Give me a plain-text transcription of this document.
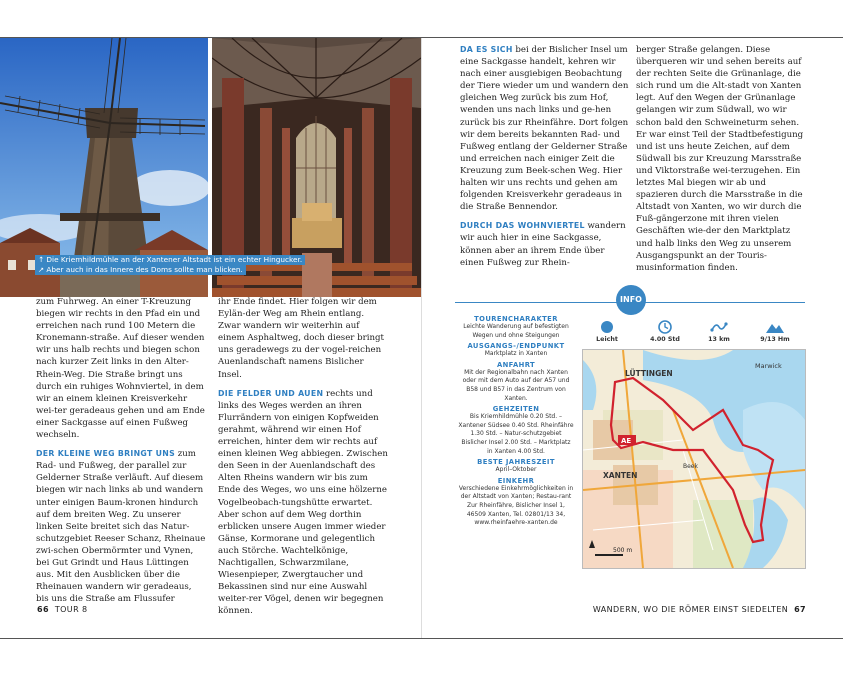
↑ Die Kriemhildmühle an der Xantener Altstadt ist ein echter Hingucker.
↗ Aber auch in das Innere des Doms sollte man blicken.

zum Fuhrweg. An einer T-Kreuzung biegen wir rechts in den Pfad ein und erreichen nach rund 100 Metern die Kronemann-straße. Auf dieser wenden wir uns halb rechts und biegen schon nach kurzer Zeit links in den Alter-Rhein-Weg. Die Straße bringt uns durch ein ruhiges Wohnviertel, in dem wir an einem kleinen Kreisverkehr wei-ter geradeaus gehen und am Ende einer Sackgasse auf einen Fußweg wechseln.

DER KLEINE WEG BRINGT UNS zum Rad- und Fußweg, der parallel zur Gelderner Straße verläuft. Auf diesem biegen wir nach links ab und wandern unter einigen Baum-kronen hindurch auf dem breiten Weg. Zu unserer linken Seite breitet sich das Natur-schutzgebiet Reeser Schanz, Rheinaue zwi-schen Obermörmter und Vynen, bei Gut Grindt und Haus Lüttingen aus. Mit den Ausblicken über die Rheinauen wandern wir geradeaus, bis uns die Straße am Flussufer

ihr Ende findet. Hier folgen wir dem Eylän-der Weg am Rhein entlang. Zwar wandern wir weiterhin auf einem Asphaltweg, doch dieser bringt uns geradewegs zu der vogel-reichen Auenlandschaft namens Bislicher Insel.

DIE FELDER UND AUEN rechts und links des Weges werden an ihren Flurrändern von einigen Kopfweiden gerahmt, während wir einen Hof erreichen, hinter dem wir rechts auf einen kleinen Weg abbiegen. Zwischen den Seen in der Auenlandschaft des Alten Rheins wandern wir bis zum Ende des Weges, wo uns eine hölzerne Vogelbeobach-tungshütte erwartet. Aber schon auf dem Weg dorthin erblicken unsere Augen immer wieder Gänse, Kormorane und gelegentlich auch Störche. Wachtelkönige, Nachtigallen, Schwarzmilane, Wiesenpieper, Zwergtaucher und Bekassinen sind nur eine Auswahl weiter-rer Vögel, denen wir begegnen können.

DA ES SICH bei der Bislicher Insel um eine Sackgasse handelt, kehren wir nach einer ausgiebigen Beobachtung der Tiere wieder um und wandern den gleichen Weg zurück bis zum Hof, wenden uns nach links und ge-hen zurück bis zur Rheinfähre. Dort folgen wir dem bereits bekannten Rad- und Fußweg entlang der Gelderner Straße und erreichen nach einiger Zeit die Kreuzung zum Beek-schen Weg. Hier halten wir uns rechts und gehen am folgenden Kreisverkehr geradeaus in die Straße Bennendor.

DURCH DAS WOHNVIERTEL wandern wir auch hier in eine Sackgasse, können aber an ihrem Ende über einen Fußweg zur Rhein-

berger Straße gelangen. Diese überqueren wir und sehen bereits auf der rechten Seite die Grünanlage, die sich rund um die Alt-stadt von Xanten legt. Auf den Wegen der Grünanlage gelangen wir zum Südwall, wo wir schon bald den Schweineturm sehen. Er war einst Teil der Stadtbefestigung und ist uns heute Zeichen, auf dem Südwall bis zur Kreuzung Marsstraße und Viktorstraße wei-terzugehen. Ein letztes Mal biegen wir ab und spazieren durch die Marsstraße in die Altstadt von Xanten, wo wir durch die Fuß-gängerzone mit ihren vielen Geschäften wie-der den Marktplatz und halb links den Weg zu unserem Ausgangspunkt an der Touris-musinformation finden.

INFO
TOURENCHARAKTER
Leichte Wanderung auf befestigten Wegen und ohne Steigungen
AUSGANGS-/ENDPUNKT
Marktplatz in Xanten
ANFAHRT
Mit der Regionalbahn nach Xanten oder mit dem Auto auf der A57 und B58 und B57 in das Zentrum von Xanten.
GEHZEITEN
Bis Kriemhildmühle 0.20 Std. – Xantener Südsee 0.40 Std. Rheinfähre 1.30 Std. – Natur-schutzgebiet Bislicher Insel 2.00 Std. – Marktplatz in Xanten 4.00 Std.
BESTE JAHRESZEIT
April–Oktober
EINKEHR
Verschiedene Einkehrmöglichkeiten in der Altstadt von Xanten; Restau-rant Zur Rheinfähre, Bislicher Insel 1, 46509 Xanten, Tel. 02801/13 34, www.rheinfaehre-xanten.de
Leicht	4.00 Std	13 km	9/13 Hm
LÜTTINGEN
XANTEN
Marwick
Beek
AE
500 m
66 TOUR 8	WANDERN, WO DIE RÖMER EINST SIEDELTEN 67
